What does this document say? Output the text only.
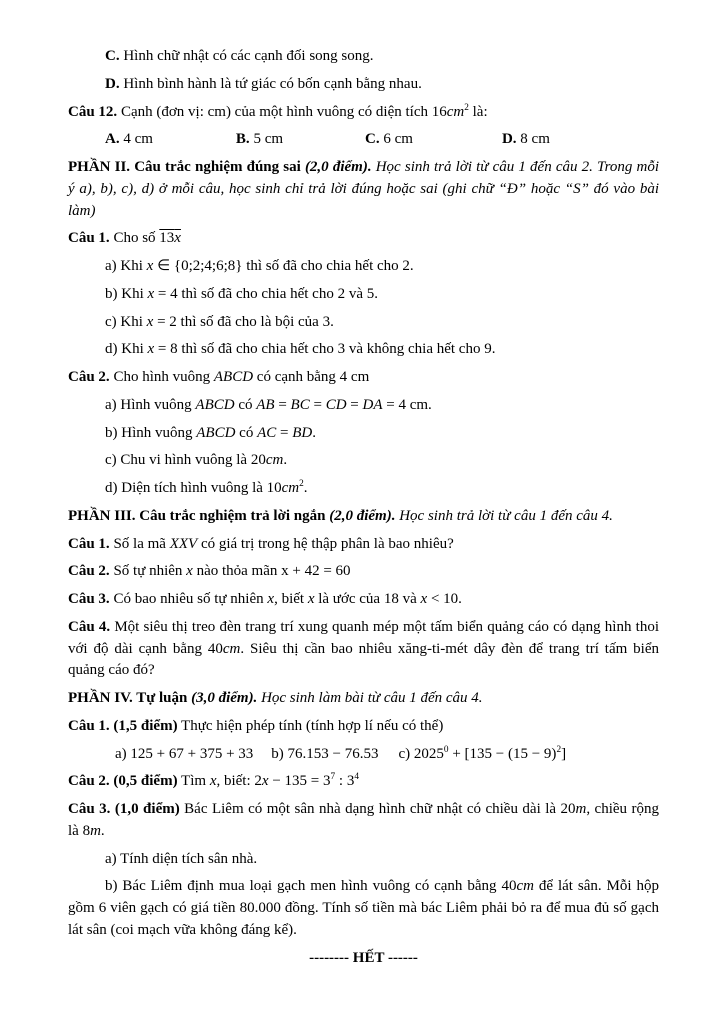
C. Hình chữ nhật có các cạnh đối song song.

D. Hình bình hành là tứ giác có bốn cạnh bằng nhau.

Câu 12. Cạnh (đơn vị: cm) của một hình vuông có diện tích $16cm^2$ là:

A. 4 cm	B. 5 cm	C. 6 cm	D. 8 cm

PHẦN II. Câu trắc nghiệm đúng sai (2,0 điểm). Học sinh trả lời từ câu 1 đến câu 2. Trong mỗi ý a), b), c), d) ở mỗi câu, học sinh chỉ trả lời đúng hoặc sai (ghi chữ “Đ” hoặc “S” đó vào bài làm)

Câu 1. Cho số $13\overline{x}$

a) Khi x ∈ {0;2;4;6;8} thì số đã cho chia hết cho 2.

b) Khi x = 4 thì số đã cho chia hết cho 2 và 5.

c) Khi x = 2 thì số đã cho là bội của 3.

d) Khi x = 8 thì số đã cho chia hết cho 3 và không chia hết cho 9.

Câu 2. Cho hình vuông ABCD có cạnh bằng 4 cm

a) Hình vuông ABCD có AB = BC = CD = DA = 4 cm.

b) Hình vuông ABCD có AC = BD.

c) Chu vi hình vuông là 20cm.

d) Diện tích hình vuông là $10cm^2$.

PHẦN III. Câu trắc nghiệm trả lời ngắn (2,0 điểm). Học sinh trả lời từ câu 1 đến câu 4.

Câu 1. Số la mã XXV có giá trị trong hệ thập phân là bao nhiêu?

Câu 2. Số tự nhiên x nào thỏa mãn x + 42 = 60

Câu 3. Có bao nhiêu số tự nhiên x, biết x là ước của 18 và x < 10.

Câu 4. Một siêu thị treo đèn trang trí xung quanh mép một tấm biển quảng cáo có dạng hình thoi với độ dài cạnh bằng 40cm. Siêu thị cần bao nhiêu xăng-ti-mét dây đèn để trang trí tấm biển quảng cáo đó?

PHẦN IV. Tự luận (3,0 điểm). Học sinh làm bài từ câu 1 đến câu 4.

Câu 1. (1,5 điểm) Thực hiện phép tính (tính hợp lí nếu có thể)

a) 125 + 67 + 375 + 33 b) 76.153 − 76.53 c) $2025^0 + [135 - (15 - 9)^2]$

Câu 2. (0,5 điểm) Tìm x, biết: $2x - 135 = 3^7$ : $3^4$

Câu 3. (1,0 điểm) Bác Liêm có một sân nhà dạng hình chữ nhật có chiều dài là 20m, chiều rộng là 8m.

a) Tính diện tích sân nhà.

b) Bác Liêm định mua loại gạch men hình vuông có cạnh bằng 40cm để lát sân. Mỗi hộp gồm 6 viên gạch có giá tiền 80.000 đồng. Tính số tiền mà bác Liêm phải bỏ ra để mua đủ số gạch lát sân (coi mạch vữa không đáng kể).

-------- HẾT ------
